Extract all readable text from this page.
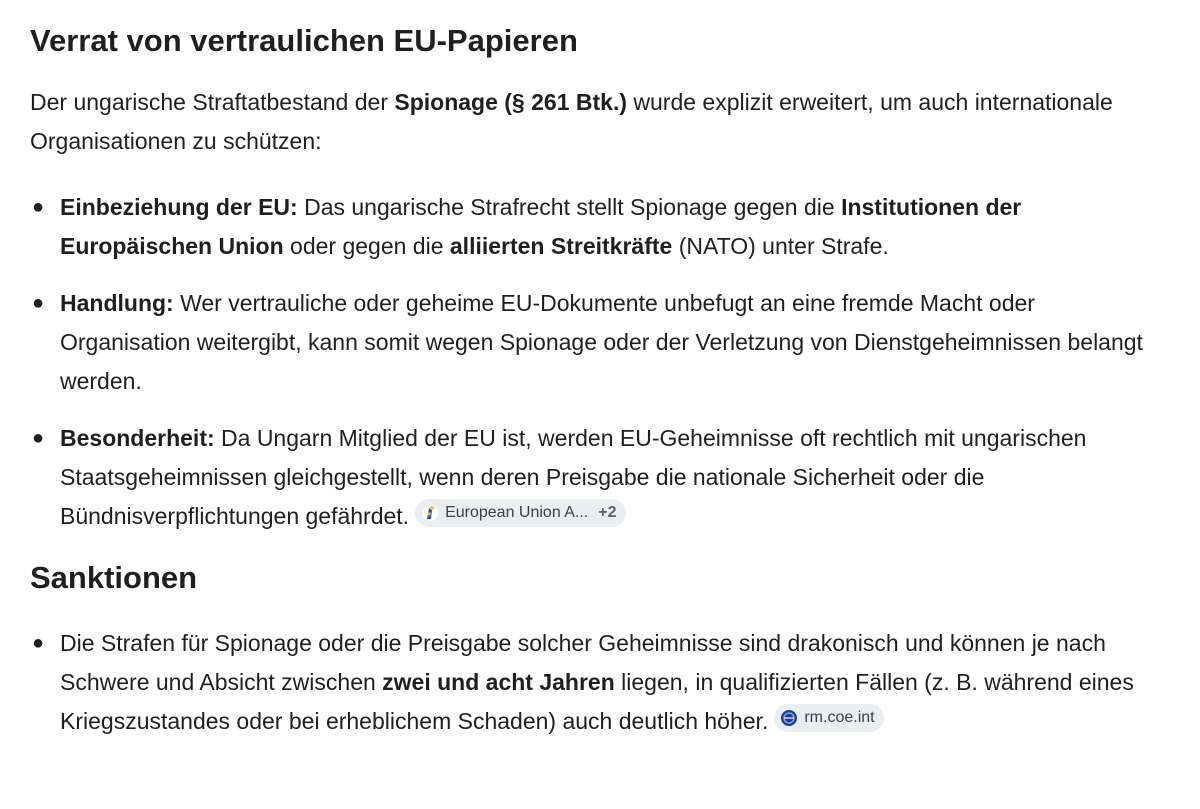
Verrat von vertraulichen EU-Papieren

Der ungarische Straftatbestand der Spionage (§ 261 Btk.) wurde explizit erweitert, um auch internationale Organisationen zu schützen:

● Einbeziehung der EU: Das ungarische Strafrecht stellt Spionage gegen die Institutionen der Europäischen Union oder gegen die alliierten Streitkräfte (NATO) unter Strafe.
● Handlung: Wer vertrauliche oder geheime EU-Dokumente unbefugt an eine fremde Macht oder Organisation weitergibt, kann somit wegen Spionage oder der Verletzung von Dienstgeheimnissen belangt werden.
● Besonderheit: Da Ungarn Mitglied der EU ist, werden EU-Geheimnisse oft rechtlich mit ungarischen Staatsgeheimnissen gleichgestellt, wenn deren Preisgabe die nationale Sicherheit oder die Bündnisverpflichtungen gefährdet. European Union A... +2
Sanktionen
● Die Strafen für Spionage oder die Preisgabe solcher Geheimnisse sind drakonisch und können je nach Schwere und Absicht zwischen zwei und acht Jahren liegen, in qualifizierten Fällen (z. B. während eines Kriegszustandes oder bei erheblichem Schaden) auch deutlich höher. rm.coe.int
